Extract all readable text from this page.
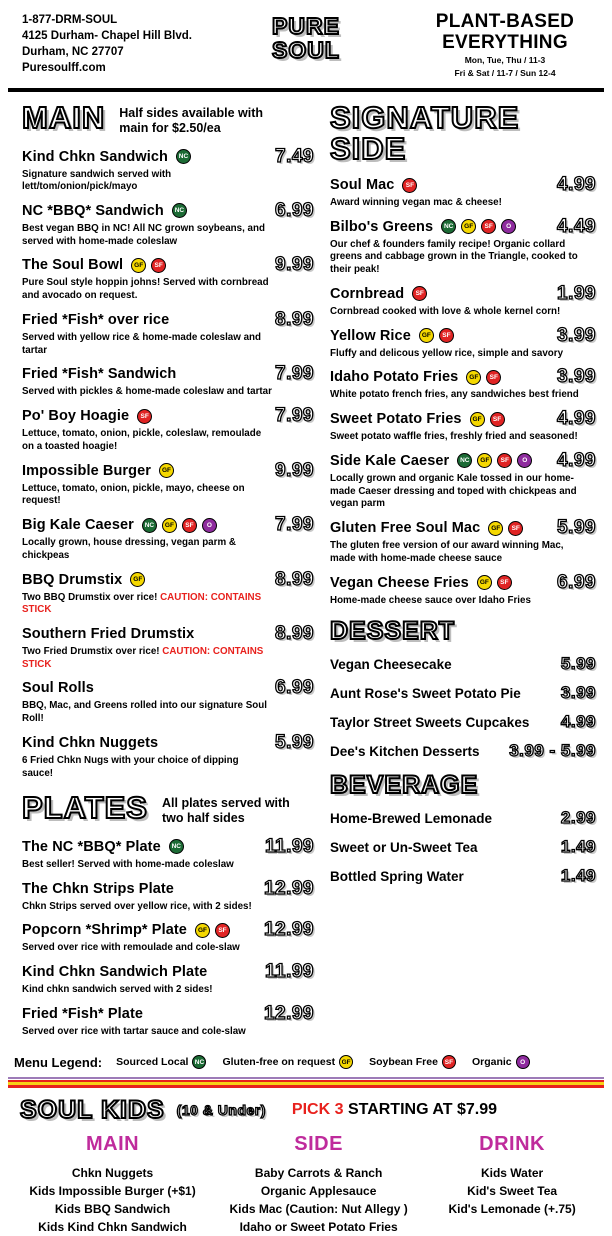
1-877-DRM-SOUL
4125 Durham- Chapel Hill Blvd.
Durham, NC 27707
Puresoulff.com
PURE
SOUL
PLANT-BASED
EVERYTHING
Mon, Tue, Thu / 11-3
Fri & Sat / 11-7 / Sun 12-4
MAIN Half sides available with main for $2.50/ea
Kind Chkn Sandwich	NC	7.49
Signature sandwich served with lett/tom/onion/pick/mayo
NC *BBQ* Sandwich	NC	6.99
Best vegan BBQ in NC! All NC grown soybeans, and served with home-made coleslaw
The Soul Bowl	GF	SF	9.99
Pure Soul style hoppin johns! Served with cornbread and avocado on request.
Fried *Fish* over rice	8.99
Served with yellow rice & home-made coleslaw and tartar
Fried *Fish* Sandwich	7.99
Served with pickles & home-made coleslaw and tartar
Po' Boy Hoagie	SF	7.99
Lettuce, tomato, onion, pickle, coleslaw, remoulade on a toasted hoagie!
Impossible Burger	GF	9.99
Lettuce, tomato, onion, pickle, mayo, cheese on request!
Big Kale Caeser	NC	GF	SF	O	7.99
Locally grown, house dressing, vegan parm & chickpeas
BBQ Drumstix	GF	8.99
Two BBQ Drumstix over rice! CAUTION: CONTAINS STICK
Southern Fried Drumstix	8.99
Two Fried Drumstix over rice! CAUTION: CONTAINS STICK
Soul Rolls	6.99
BBQ, Mac, and Greens rolled into our signature Soul Roll!
Kind Chkn Nuggets	5.99
6 Fried Chkn Nugs with your choice of dipping sauce!
PLATES All plates served with two half sides
The NC *BBQ* Plate	NC	11.99
Best seller! Served with home-made coleslaw
The Chkn Strips Plate	12.99
Chkn Strips served over yellow rice, with 2 sides!
Popcorn *Shrimp* Plate	GF	SF 12.99
Served over rice with remoulade and cole-slaw
Kind Chkn Sandwich Plate	11.99
Kind chkn sandwich served with 2 sides!
Fried *Fish* Plate	12.99
Served over rice with tartar sauce and cole-slaw
SIGNATURE SIDE
Soul Mac	SF	4.99
Award winning vegan mac & cheese!
Bilbo's Greens	NC	GF	SF	O 4.49
Our chef & founders family recipe! Organic collard greens and cabbage grown in the Triangle, cooked to their peak!
Cornbread	SF	1.99
Cornbread cooked with love & whole kernel corn!
Yellow Rice	GF	SF	3.99
Fluffy and delicous yellow rice, simple and savory
Idaho Potato Fries	GF	SF	3.99
White potato french fries, any sandwiches best friend
Sweet Potato Fries	GF	SF	4.99
Sweet potato waffle fries, freshly fried and seasoned!
Side Kale Caeser	NC	GF	SF	O 4.99
Locally grown and organic Kale tossed in our home-made Caeser dressing and toped with chickpeas and vegan parm
Gluten Free Soul Mac	GF	SF 5.99
The gluten free version of our award winning Mac, made with home-made cheese sauce
Vegan Cheese Fries	GF	SF	6.99
Home-made cheese sauce over Idaho Fries
DESSERT
Vegan Cheesecake	5.99
Aunt Rose's Sweet Potato Pie 3.99
Taylor Street Sweets Cupcakes 4.99
Dee's Kitchen Desserts 3.99 - 5.99
BEVERAGE
Home-Brewed Lemonade	2.99
Sweet or Un-Sweet Tea	1.49
Bottled Spring Water	1.49
Menu Legend: Sourced Local NC Gluten-free on request GF Soybean Free	SF Organic	O
SOUL KIDS (10 & Under) PICK 3 STARTING AT $7.99
MAIN
Chkn Nuggets
Kids Impossible Burger (+$1)
Kids BBQ Sandwich
Kids Kind Chkn Sandwich
SIDE
Baby Carrots & Ranch
Organic Applesauce
Kids Mac (Caution: Nut Allegy )
Idaho or Sweet Potato Fries
DRINK
Kids Water
Kid's Sweet Tea
Kid's Lemonade (+.75)
